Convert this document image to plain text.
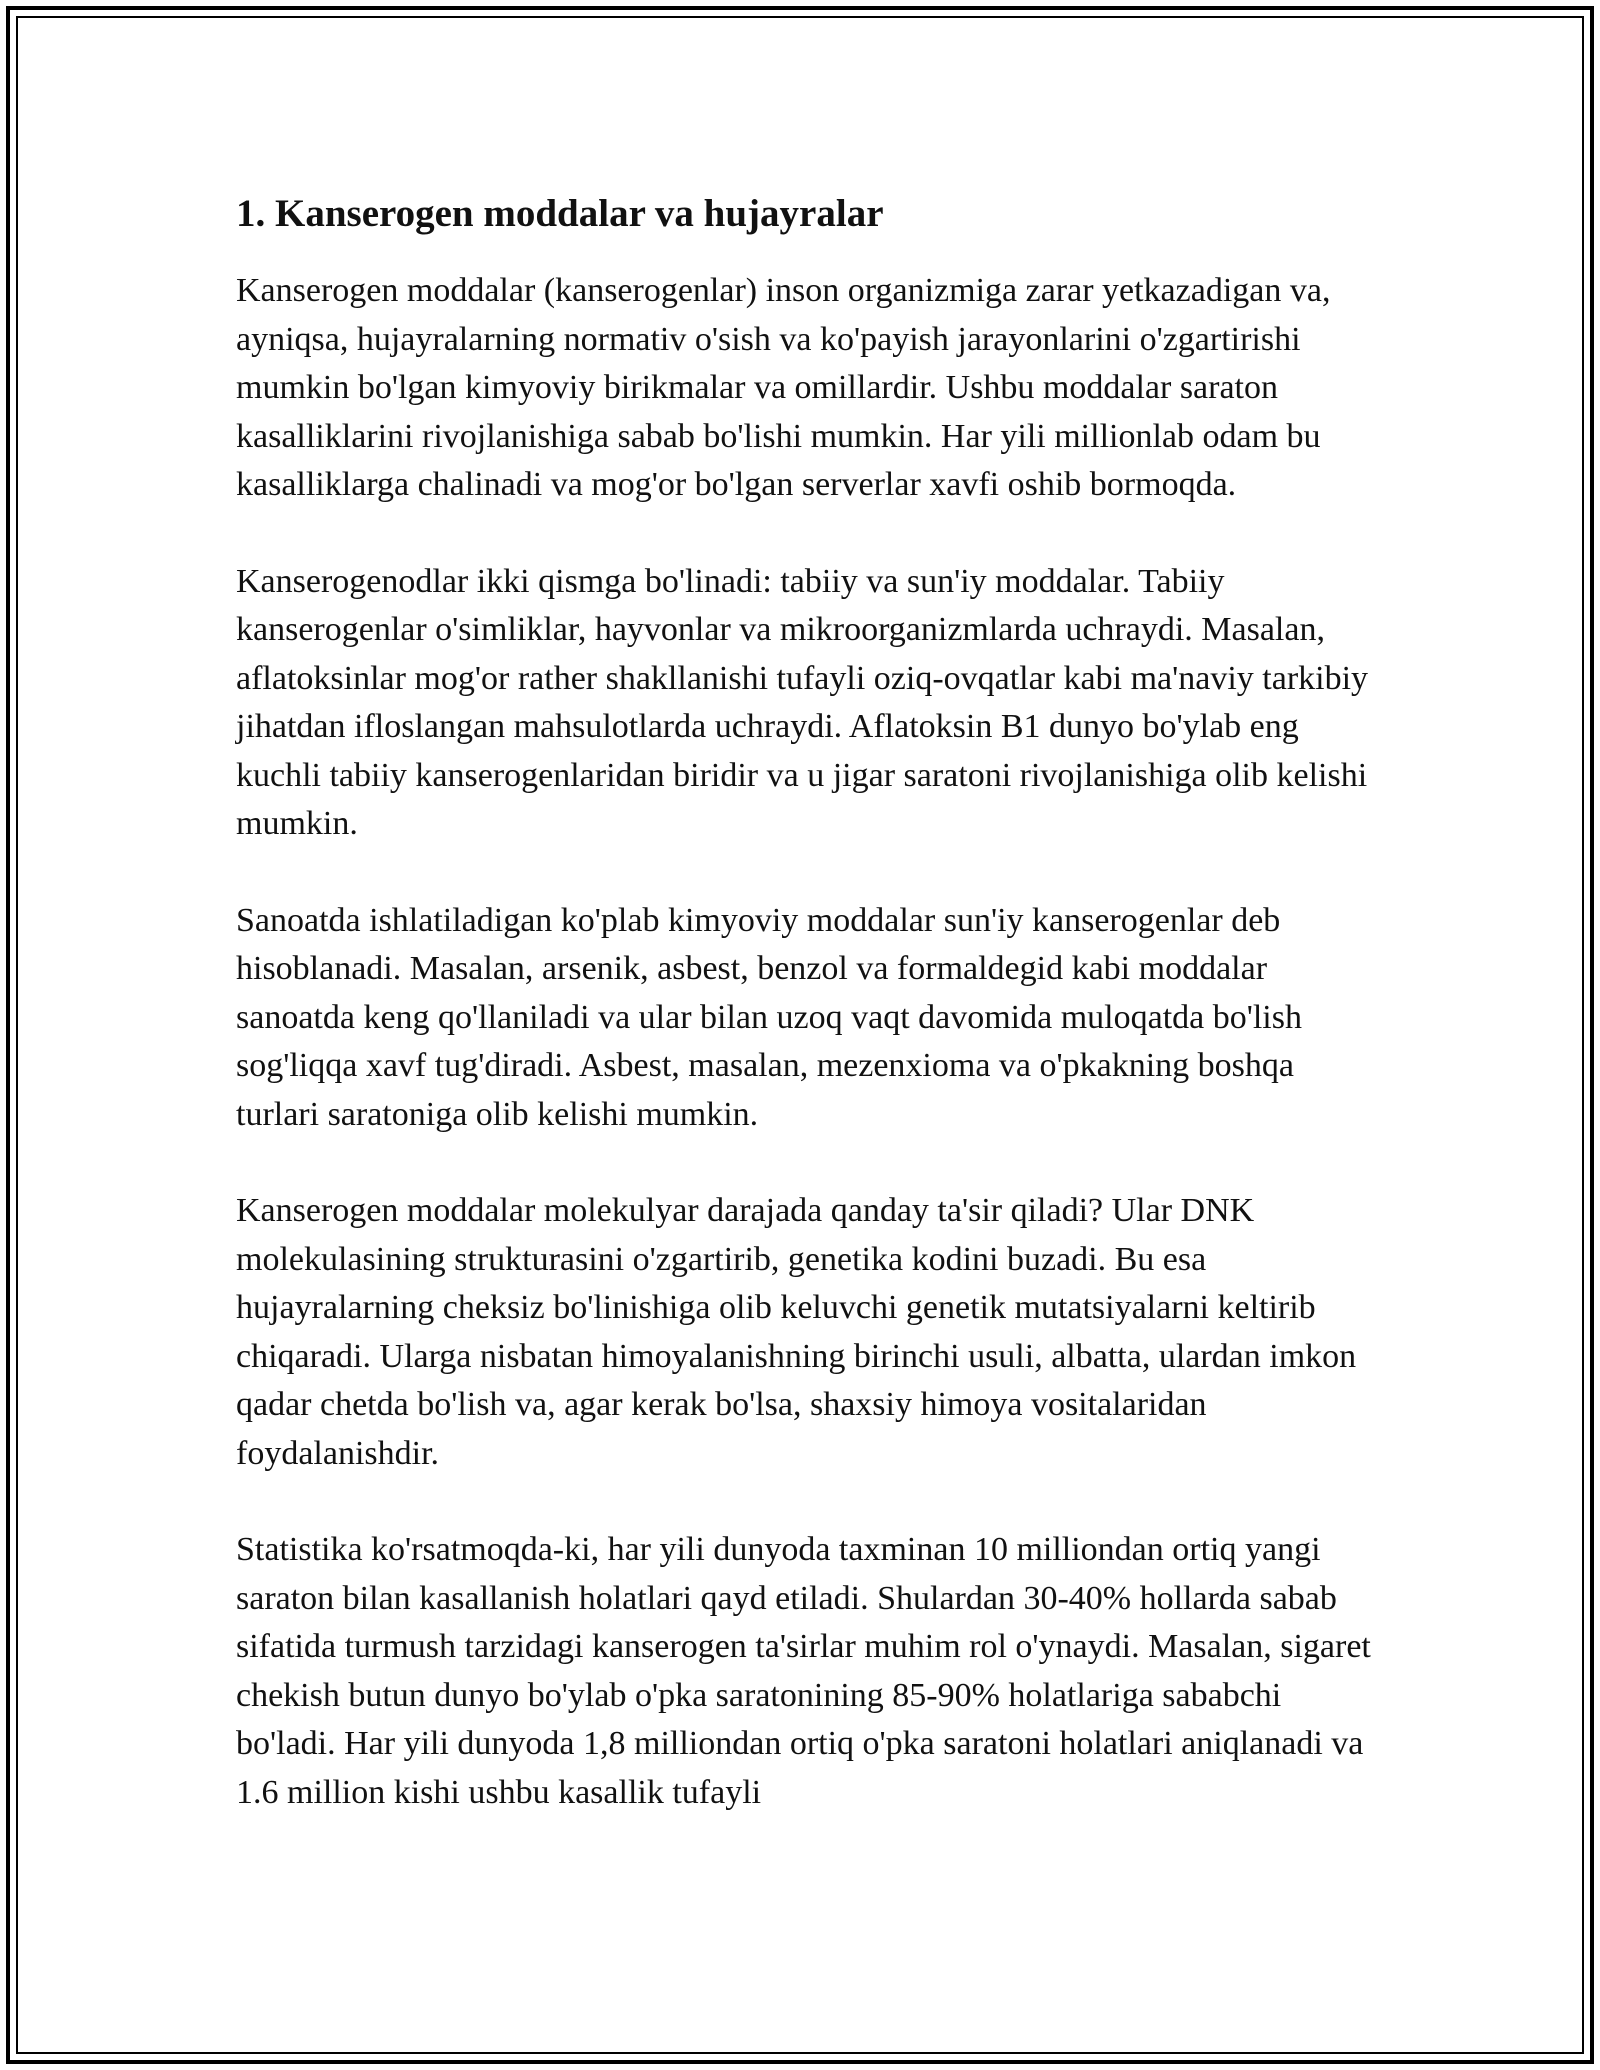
1. Kanserogen moddalar va hujayralar

Kanserogen moddalar (kanserogenlar) inson organizmiga zarar yetkazadigan va, ayniqsa, hujayralarning normativ o'sish va ko'payish jarayonlarini o'zgartirishi mumkin bo'lgan kimyoviy birikmalar va omillardir. Ushbu moddalar saraton kasalliklarini rivojlanishiga sabab bo'lishi mumkin. Har yili millionlab odam bu kasalliklarga chalinadi va mog'or bo'lgan serverlar xavfi oshib bormoqda.

Kanserogenodlar ikki qismga bo'linadi: tabiiy va sun'iy moddalar. Tabiiy kanserogenlar o'simliklar, hayvonlar va mikroorganizmlarda uchraydi. Masalan, aflatoksinlar mog'or rather shakllanishi tufayli oziq-ovqatlar kabi ma'naviy tarkibiy jihatdan ifloslangan mahsulotlarda uchraydi. Aflatoksin B1 dunyo bo'ylab eng kuchli tabiiy kanserogenlaridan biridir va u jigar saratoni rivojlanishiga olib kelishi mumkin.

Sanoatda ishlatiladigan ko'plab kimyoviy moddalar sun'iy kanserogenlar deb hisoblanadi. Masalan, arsenik, asbest, benzol va formaldegid kabi moddalar sanoatda keng qo'llaniladi va ular bilan uzoq vaqt davomida muloqatda bo'lish sog'liqqa xavf tug'diradi. Asbest, masalan, mezenxioma va o'pkakning boshqa turlari saratoniga olib kelishi mumkin.

Kanserogen moddalar molekulyar darajada qanday ta'sir qiladi? Ular DNK molekulasining strukturasini o'zgartirib, genetika kodini buzadi. Bu esa hujayralarning cheksiz bo'linishiga olib keluvchi genetik mutatsiyalarni keltirib chiqaradi. Ularga nisbatan himoyalanishning birinchi usuli, albatta, ulardan imkon qadar chetda bo'lish va, agar kerak bo'lsa, shaxsiy himoya vositalaridan foydalanishdir.

Statistika ko'rsatmoqda-ki, har yili dunyoda taxminan 10 milliondan ortiq yangi saraton bilan kasallanish holatlari qayd etiladi. Shulardan 30-40% hollarda sabab sifatida turmush tarzidagi kanserogen ta'sirlar muhim rol o'ynaydi. Masalan, sigaret chekish butun dunyo bo'ylab o'pka saratonining 85-90% holatlariga sababchi bo'ladi. Har yili dunyoda 1,8 milliondan ortiq o'pka saratoni holatlari aniqlanadi va 1.6 million kishi ushbu kasallik tufayli
